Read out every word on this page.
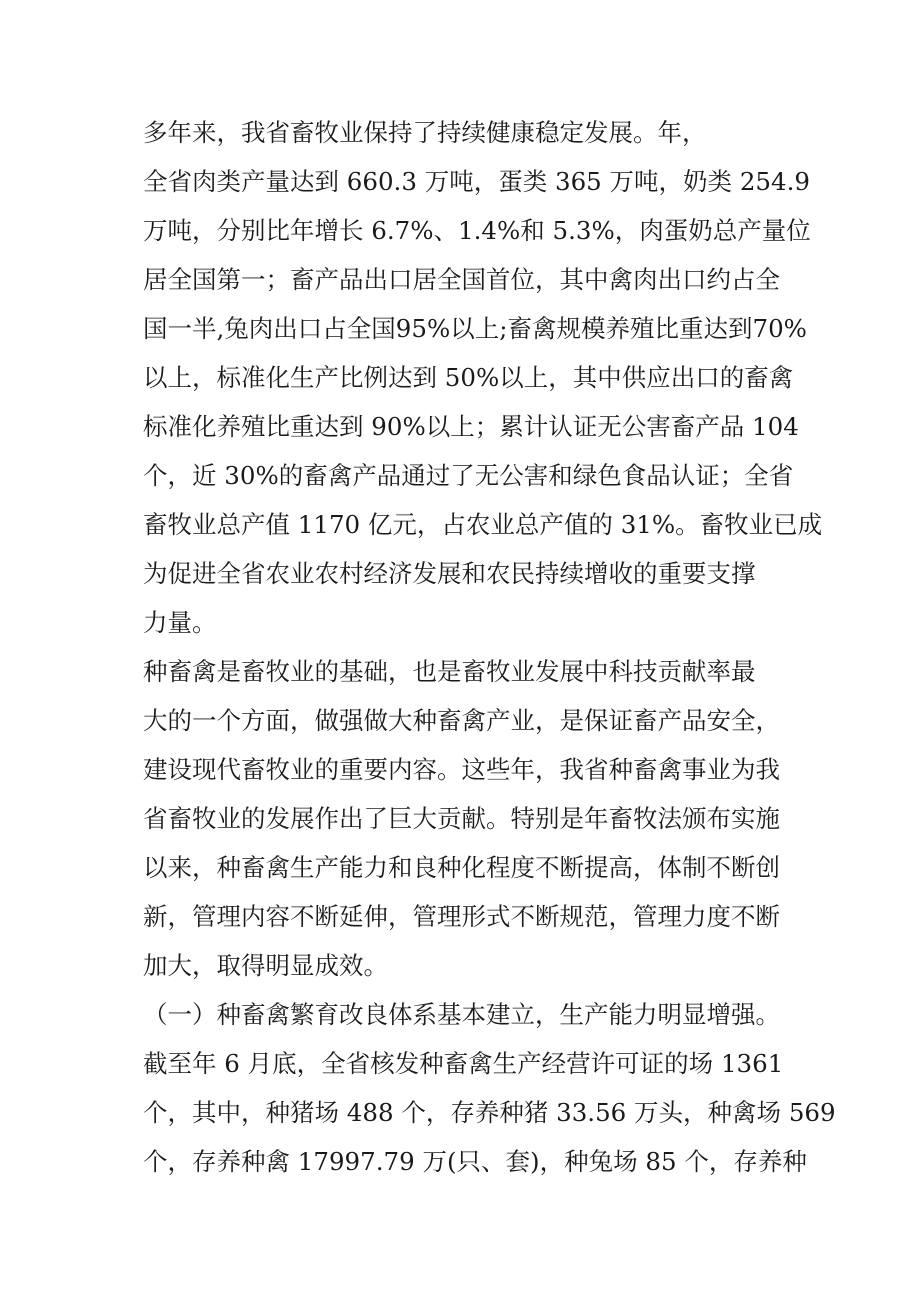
多年来，我省畜牧业保持了持续健康稳定发展。年，

全省肉类产量达到 660.3 万吨，蛋类 365 万吨，奶类 254.9

万吨，分别比年增长 6.7%、1.4%和 5.3%，肉蛋奶总产量位

居全国第一；畜产品出口居全国首位，其中禽肉出口约占全

国一半,兔肉出口占全国95%以上;畜禽规模养殖比重达到70%

以上，标准化生产比例达到 50%以上，其中供应出口的畜禽

标准化养殖比重达到 90%以上；累计认证无公害畜产品 104

个，近 30%的畜禽产品通过了无公害和绿色食品认证；全省

畜牧业总产值 1170 亿元，占农业总产值的 31%。畜牧业已成

为促进全省农业农村经济发展和农民持续增收的重要支撑

力量。

种畜禽是畜牧业的基础，也是畜牧业发展中科技贡献率最

大的一个方面，做强做大种畜禽产业，是保证畜产品安全，

建设现代畜牧业的重要内容。这些年，我省种畜禽事业为我

省畜牧业的发展作出了巨大贡献。特别是年畜牧法颁布实施

以来，种畜禽生产能力和良种化程度不断提高，体制不断创

新，管理内容不断延伸，管理形式不断规范，管理力度不断

加大，取得明显成效。

（一）种畜禽繁育改良体系基本建立，生产能力明显增强。

截至年 6 月底，全省核发种畜禽生产经营许可证的场 1361

个，其中，种猪场 488 个，存养种猪 33.56 万头，种禽场 569

个，存养种禽 17997.79 万(只、套)，种兔场 85 个，存养种
